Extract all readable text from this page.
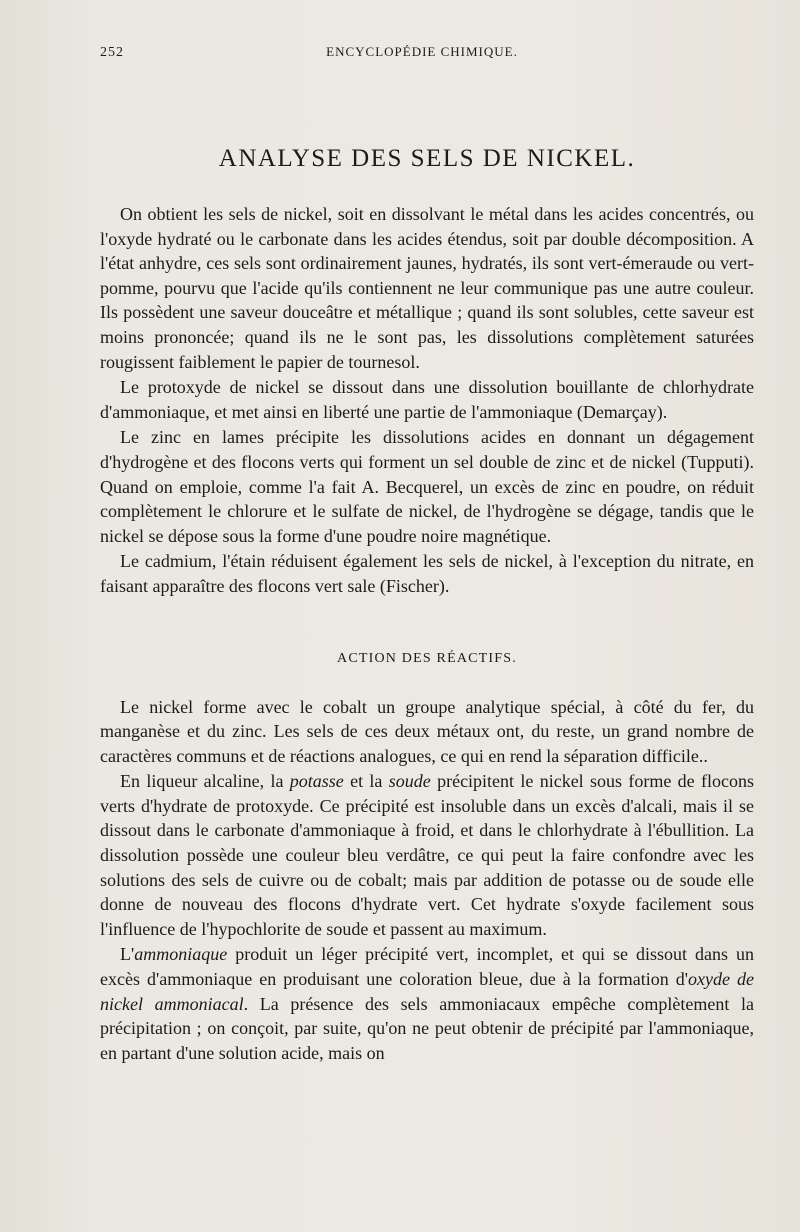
252	ENCYCLOPÉDIE CHIMIQUE.
ANALYSE DES SELS DE NICKEL.

On obtient les sels de nickel, soit en dissolvant le métal dans les acides concentrés, ou l'oxyde hydraté ou le carbonate dans les acides étendus, soit par double décomposition. A l'état anhydre, ces sels sont ordinairement jaunes, hydratés, ils sont vert-émeraude ou vert-pomme, pourvu que l'acide qu'ils contiennent ne leur communique pas une autre couleur. Ils possèdent une saveur douceâtre et métallique ; quand ils sont solubles, cette saveur est moins prononcée; quand ils ne le sont pas, les dissolutions complètement saturées rougissent faiblement le papier de tournesol.

Le protoxyde de nickel se dissout dans une dissolution bouillante de chlorhydrate d'ammoniaque, et met ainsi en liberté une partie de l'ammoniaque (Demarçay).

Le zinc en lames précipite les dissolutions acides en donnant un dégagement d'hydrogène et des flocons verts qui forment un sel double de zinc et de nickel (Tupputi). Quand on emploie, comme l'a fait A. Becquerel, un excès de zinc en poudre, on réduit complètement le chlorure et le sulfate de nickel, de l'hydrogène se dégage, tandis que le nickel se dépose sous la forme d'une poudre noire magnétique.

Le cadmium, l'étain réduisent également les sels de nickel, à l'exception du nitrate, en faisant apparaître des flocons vert sale (Fischer).

ACTION DES RÉACTIFS.

Le nickel forme avec le cobalt un groupe analytique spécial, à côté du fer, du manganèse et du zinc. Les sels de ces deux métaux ont, du reste, un grand nombre de caractères communs et de réactions analogues, ce qui en rend la séparation difficile..

En liqueur alcaline, la potasse et la soude précipitent le nickel sous forme de flocons verts d'hydrate de protoxyde. Ce précipité est insoluble dans un excès d'alcali, mais il se dissout dans le carbonate d'ammoniaque à froid, et dans le chlorhydrate à l'ébullition. La dissolution possède une couleur bleu verdâtre, ce qui peut la faire confondre avec les solutions des sels de cuivre ou de cobalt; mais par addition de potasse ou de soude elle donne de nouveau des flocons d'hydrate vert. Cet hydrate s'oxyde facilement sous l'influence de l'hypochlorite de soude et passent au maximum.

L'ammoniaque produit un léger précipité vert, incomplet, et qui se dissout dans un excès d'ammoniaque en produisant une coloration bleue, due à la formation d'oxyde de nickel ammoniacal. La présence des sels ammoniacaux empêche complètement la précipitation ; on conçoit, par suite, qu'on ne peut obtenir de précipité par l'ammoniaque, en partant d'une solution acide, mais on
